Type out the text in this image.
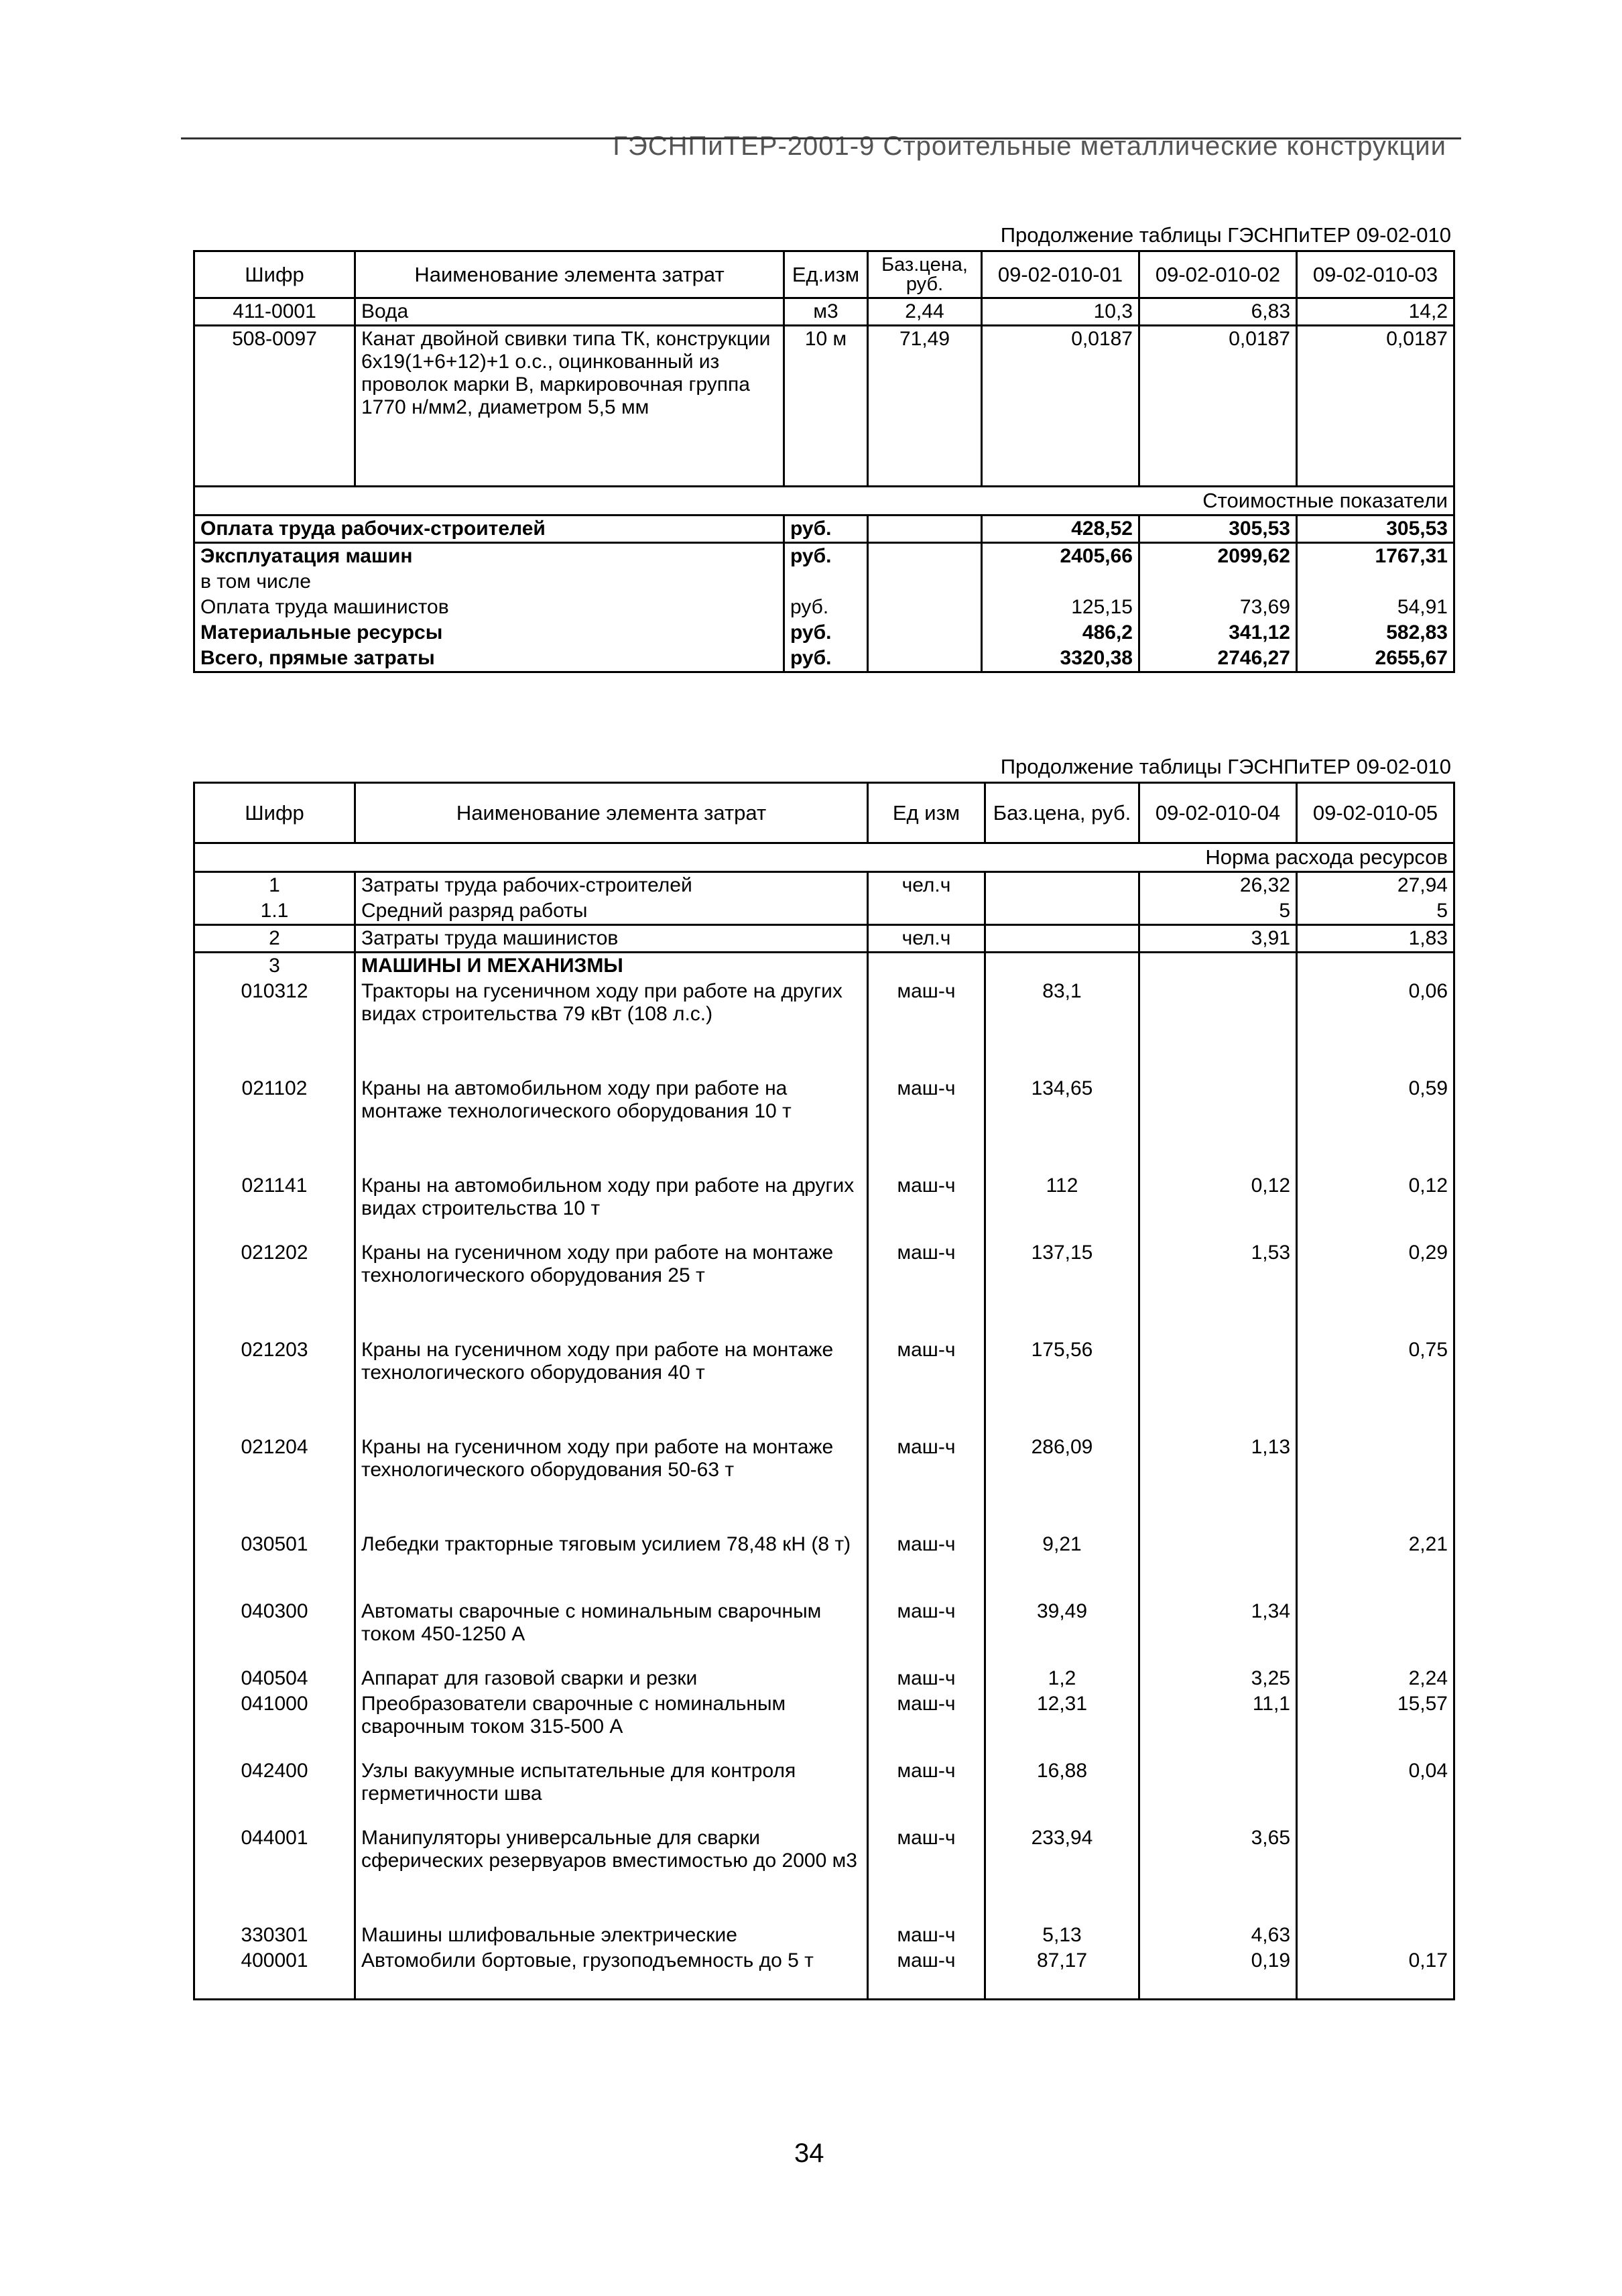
ГЭСНПиТЕР-2001-9 Строительные металлические конструкции
Продолжение таблицы ГЭСНПиТЕР 09-02-010
Шифр	Наименование элемента затрат	Ед.изм	Баз.цена, руб.	09-02-010-01	09-02-010-02	09-02-010-03
411-0001	Вода	м3	2,44	10,3	6,83	14,2
508-0097	Канат двойной свивки типа ТК, конструкции 6х19(1+6+12)+1 о.с., оцинкованный из проволок марки В, маркировочная группа 1770 н/мм2, диаметром 5,5 мм	10 м	71,49	0,0187	0,0187	0,0187
Стоимостные показатели						
Оплата труда рабочих-строителей		руб.		428,52	305,53	305,53
Эксплуатация машин		руб.		2405,66	2099,62	1767,31
в том числе						
Оплата труда машинистов		руб.		125,15	73,69	54,91
Материальные ресурсы		руб.		486,2	341,12	582,83
Всего, прямые затраты		руб.		3320,38	2746,27	2655,67
Продолжение таблицы ГЭСНПиТЕР 09-02-010
Шифр	Наименование элемента затрат	Ед изм	Баз.цена, руб.	09-02-010-04	09-02-010-05
Норма расхода ресурсов					
1	Затраты труда рабочих-строителей	чел.ч		26,32	27,94
1.1	Средний разряд работы			5	5
2	Затраты труда машинистов	чел.ч		3,91	1,83
3	МАШИНЫ И МЕХАНИЗМЫ				
010312	Тракторы на гусеничном ходу при работе на других видах строительства 79 кВт (108 л.с.)	маш-ч	83,1		0,06
021102	Краны на автомобильном ходу при работе на монтаже технологического оборудования 10 т	маш-ч	134,65		0,59
021141	Краны на автомобильном ходу при работе на других видах строительства 10 т	маш-ч	112	0,12	0,12
021202	Краны на гусеничном ходу при работе на монтаже технологического оборудования 25 т	маш-ч	137,15	1,53	0,29
021203	Краны на гусеничном ходу при работе на монтаже технологического оборудования 40 т	маш-ч	175,56		0,75
021204	Краны на гусеничном ходу при работе на монтаже технологического оборудования 50-63 т	маш-ч	286,09	1,13	
030501	Лебедки тракторные тяговым усилием 78,48 кН (8 т)	маш-ч	9,21		2,21
040300	Автоматы сварочные с номинальным сварочным током 450-1250 А	маш-ч	39,49	1,34	
040504	Аппарат для газовой сварки и резки	маш-ч	1,2	3,25	2,24
041000	Преобразователи сварочные с номинальным сварочным током 315-500 А	маш-ч	12,31	11,1	15,57
042400	Узлы вакуумные испытательные для контроля герметичности шва	маш-ч	16,88		0,04
044001	Манипуляторы универсальные для сварки сферических резервуаров вместимостью до 2000 м3	маш-ч	233,94	3,65	
330301	Машины шлифовальные электрические	маш-ч	5,13	4,63	
400001	Автомобили бортовые, грузоподъемность до 5 т	маш-ч	87,17	0,19	0,17
34
